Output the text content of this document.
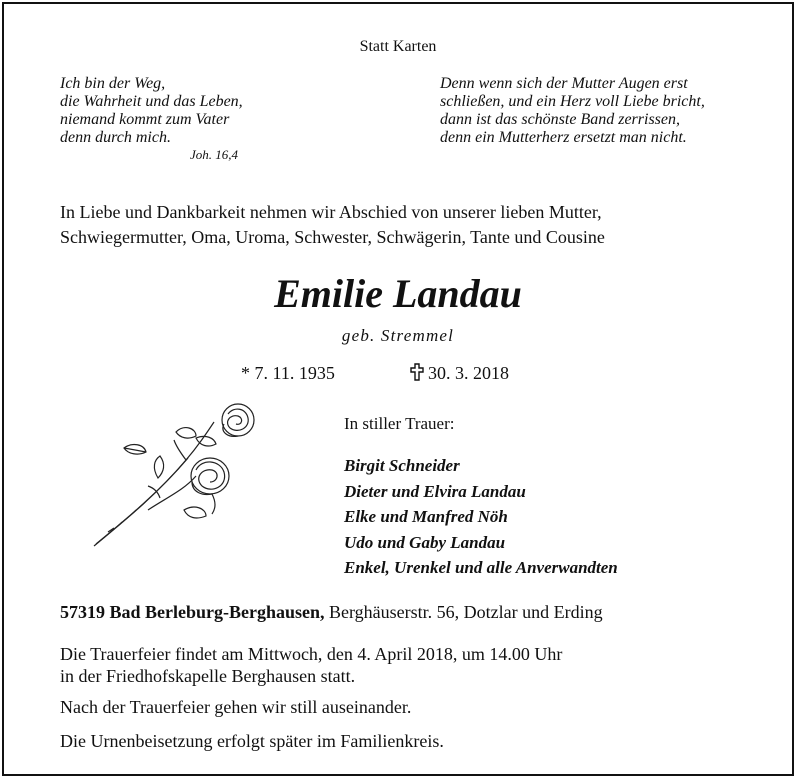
Statt Karten
Ich bin der Weg,
die Wahrheit und das Leben,
niemand kommt zum Vater
denn durch mich.
Joh. 16,4
Denn wenn sich der Mutter Augen erst
schließen, und ein Herz voll Liebe bricht,
dann ist das schönste Band zerrissen,
denn ein Mutterherz ersetzt man nicht.
In Liebe und Dankbarkeit nehmen wir Abschied von unserer lieben Mutter,
Schwiegermutter, Oma, Uroma, Schwester, Schwägerin, Tante und Cousine
Emilie Landau
geb. Stremmel
* 7. 11. 1935	30. 3. 2018
In stiller Trauer:
Birgit Schneider
Dieter und Elvira Landau
Elke und Manfred Nöh
Udo und Gaby Landau
Enkel, Urenkel und alle Anverwandten
57319 Bad Berleburg-Berghausen, Berghäuserstr. 56, Dotzlar und Erding
Die Trauerfeier findet am Mittwoch, den 4. April 2018, um 14.00 Uhr
in der Friedhofskapelle Berghausen statt.
Nach der Trauerfeier gehen wir still auseinander.
Die Urnenbeisetzung erfolgt später im Familienkreis.
